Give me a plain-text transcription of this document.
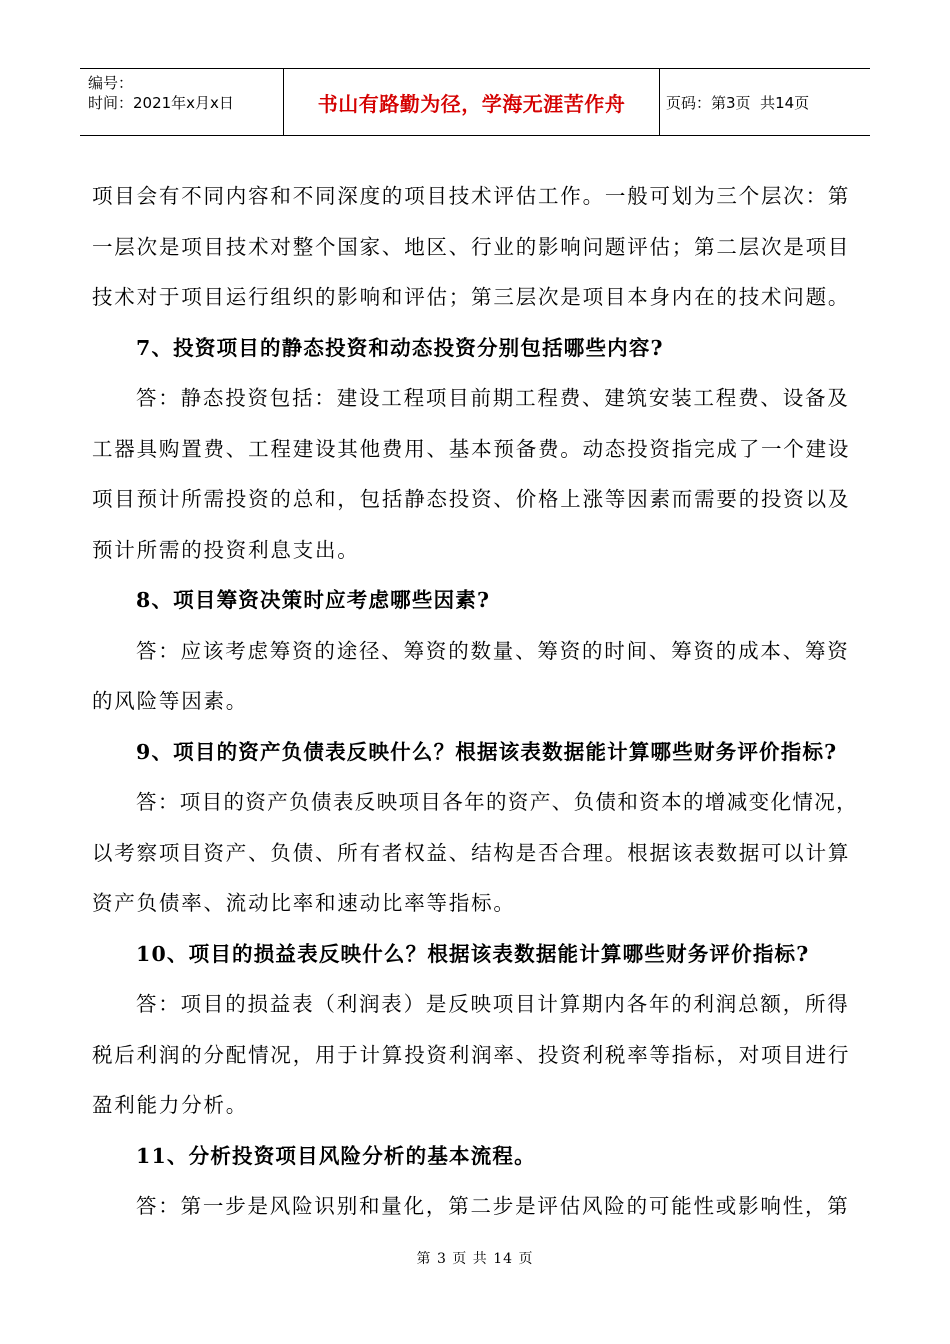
编号：
时间：2021年x月x日	书山有路勤为径，学海无涯苦作舟	页码：第3页  共14页
项目会有不同内容和不同深度的项目技术评估工作。一般可划为三个层次：第
一层次是项目技术对整个国家、地区、行业的影响问题评估；第二层次是项目
技术对于项目运行组织的影响和评估；第三层次是项目本身内在的技术问题。
7、投资项目的静态投资和动态投资分别包括哪些内容?
答：静态投资包括：建设工程项目前期工程费、建筑安装工程费、设备及
工器具购置费、工程建设其他费用、基本预备费。动态投资指完成了一个建设
项目预计所需投资的总和，包括静态投资、价格上涨等因素而需要的投资以及
预计所需的投资利息支出。
8、项目筹资决策时应考虑哪些因素?
答：应该考虑筹资的途径、筹资的数量、筹资的时间、筹资的成本、筹资
的风险等因素。
9、项目的资产负债表反映什么？根据该表数据能计算哪些财务评价指标?
答：项目的资产负债表反映项目各年的资产、负债和资本的增减变化情况，
以考察项目资产、负债、所有者权益、结构是否合理。根据该表数据可以计算
资产负债率、流动比率和速动比率等指标。
10、项目的损益表反映什么？根据该表数据能计算哪些财务评价指标?
答：项目的损益表（利润表）是反映项目计算期内各年的利润总额，所得
税后利润的分配情况，用于计算投资利润率、投资利税率等指标，对项目进行
盈利能力分析。
11、分析投资项目风险分析的基本流程。
答：第一步是风险识别和量化，第二步是评估风险的可能性或影响性，第
第 3 页 共 14 页
